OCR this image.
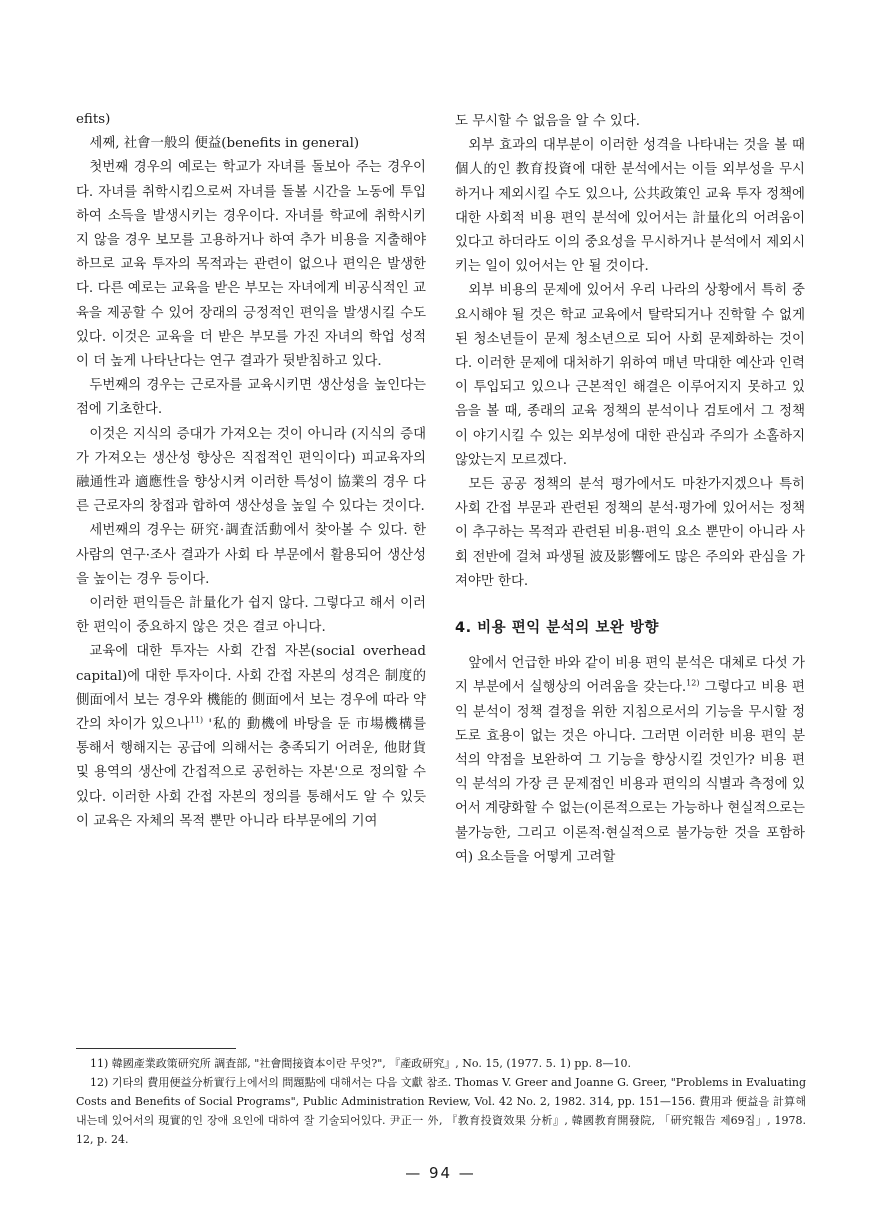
efits)

세째, 社會一般의 便益(benefits in general)

첫번째 경우의 예로는 학교가 자녀를 돌보아 주는 경우이다. 자녀를 취학시킴으로써 자녀를 돌볼 시간을 노동에 투입하여 소득을 발생시키는 경우이다. 자녀를 학교에 취학시키지 않을 경우 보모를 고용하거나 하여 추가 비용을 지출해야 하므로 교육 투자의 목적과는 관련이 없으나 편익은 발생한다. 다른 예로는 교육을 받은 부모는 자녀에게 비공식적인 교육을 제공할 수 있어 장래의 긍정적인 편익을 발생시킬 수도 있다. 이것은 교육을 더 받은 부모를 가진 자녀의 학업 성적이 더 높게 나타난다는 연구 결과가 뒷받침하고 있다.

두번째의 경우는 근로자를 교육시키면 생산성을 높인다는 점에 기초한다.

이것은 지식의 증대가 가져오는 것이 아니라 (지식의 증대가 가져오는 생산성 향상은 직접적인 편익이다) 피교육자의 融通性과 適應性을 향상시켜 이러한 특성이 協業의 경우 다른 근로자의 창접과 합하여 생산성을 높일 수 있다는 것이다.

세번째의 경우는 研究·調査活動에서 찾아볼 수 있다. 한 사람의 연구·조사 결과가 사회 타 부문에서 활용되어 생산성을 높이는 경우 등이다.

이러한 편익들은 計量化가 쉽지 않다. 그렇다고 해서 이러한 편익이 중요하지 않은 것은 결코 아니다.

교육에 대한 투자는 사회 간접 자본(social overhead capital)에 대한 투자이다. 사회 간접 자본의 성격은 制度的 側面에서 보는 경우와 機能的 側面에서 보는 경우에 따라 약간의 차이가 있으나$^{11)}$ '私的 動機에 바탕을 둔 市場機構를 통해서 행해지는 공급에 의해서는 충족되기 어려운, 他財貨 및 용역의 생산에 간접적으로 공헌하는 자본'으로 정의할 수 있다. 이러한 사회 간접 자본의 정의를 통해서도 알 수 있듯이 교육은 자체의 목적 뿐만 아니라 타부문에의 기여

도 무시할 수 없음을 알 수 있다.

외부 효과의 대부분이 이러한 성격을 나타내는 것을 볼 때 個人的인 教育投資에 대한 분석에서는 이들 외부성을 무시하거나 제외시킬 수도 있으나, 公共政策인 교육 투자 정책에 대한 사회적 비용 편익 분석에 있어서는 計量化의 어려움이 있다고 하더라도 이의 중요성을 무시하거나 분석에서 제외시키는 일이 있어서는 안 될 것이다.

외부 비용의 문제에 있어서 우리 나라의 상황에서 특히 중요시해야 될 것은 학교 교육에서 탈락되거나 진학할 수 없게 된 청소년들이 문제 청소년으로 되어 사회 문제화하는 것이다. 이러한 문제에 대처하기 위하여 매년 막대한 예산과 인력이 투입되고 있으나 근본적인 해결은 이루어지지 못하고 있음을 볼 때, 종래의 교육 정책의 분석이나 검토에서 그 정책이 야기시킬 수 있는 외부성에 대한 관심과 주의가 소홀하지 않았는지 모르겠다.

모든 공공 정책의 분석 평가에서도 마찬가지겠으나 특히 사회 간접 부문과 관련된 정책의 분석·평가에 있어서는 정책이 추구하는 목적과 관련된 비용·편익 요소 뿐만이 아니라 사회 전반에 걸쳐 파생될 波及影響에도 많은 주의와 관심을 가져야만 한다.

4. 비용 편익 분석의 보완 방향

앞에서 언급한 바와 같이 비용 편익 분석은 대체로 다섯 가지 부분에서 실행상의 어려움을 갖는다.$^{12)}$ 그렇다고 비용 편익 분석이 정책 결정을 위한 지침으로서의 기능을 무시할 정도로 효용이 없는 것은 아니다. 그러면 이러한 비용 편익 분석의 약점을 보완하여 그 기능을 향상시킬 것인가? 비용 편익 분석의 가장 큰 문제점인 비용과 편익의 식별과 측정에 있어서 계량화할 수 없는(이론적으로는 가능하나 현실적으로는 불가능한, 그리고 이론적·현실적으로 불가능한 것을 포함하여) 요소들을 어떻게 고려할

11) 韓國產業政策研究所 調査部, "社會間接資本이란 무엇?", 『產政研究』, No. 15, (1977. 5. 1) pp. 8—10.
12) 기타의 費用便益分析實行上에서의 問題點에 대해서는 다음 文獻 참조. Thomas V. Greer and Joanne G. Greer, "Problems in Evaluating Costs and Benefits of Social Programs", Public Administration Review, Vol. 42 No. 2, 1982. 314, pp. 151—156. 費用과 便益을 計算해내는데 있어서의 現實的인 장애 요인에 대하여 잘 기술되어있다. 尹正一 外, 『教育投資效果 分析』, 韓國教育開發院, 「研究報告 제69집」, 1978. 12, p. 24.
— 94 —
